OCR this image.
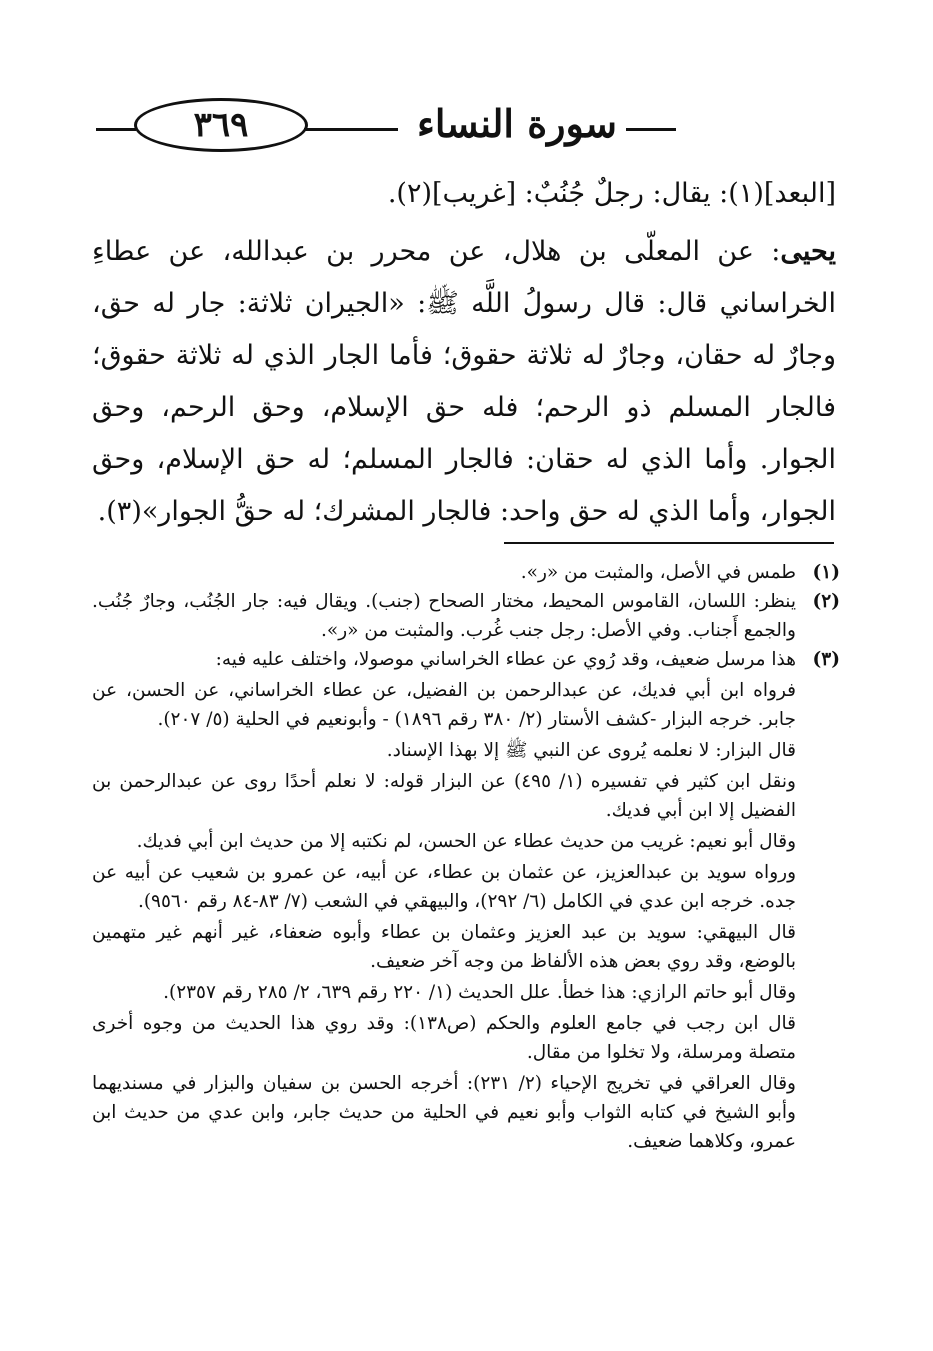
سورة النساء
٣٦٩

[البعد](١): يقال: رجلٌ جُنُبٌ: [غريب](٢).

يحيى: عن المعلّى بن هلال، عن محرر بن عبدالله، عن عطاءِ الخراساني قال: قال رسولُ اللَّه ﷺ: «الجيران ثلاثة: جار له حق، وجارٌ له حقان، وجارٌ له ثلاثة حقوق؛ فأما الجار الذي له ثلاثة حقوق؛ فالجار المسلم ذو الرحم؛ فله حق الإسلام، وحق الرحم، وحق الجوار. وأما الذي له حقان: فالجار المسلم؛ له حق الإسلام، وحق الجوار، وأما الذي له حق واحد: فالجار المشرك؛ له حقُّ الجوار»(٣).

(١)

طمس في الأصل، والمثبت من «ر».

(٢)

ينظر: اللسان، القاموس المحيط، مختار الصحاح (جنب). ويقال فيه: جار الجُنُب، وجارٌ جُنُب. والجمع أَجناب. وفي الأصل: رجل جنب غُرب. والمثبت من «ر».

(٣)

هذا مرسل ضعيف، وقد رُوي عن عطاء الخراساني موصولا، واختلف عليه فيه:

فرواه ابن أبي فديك، عن عبدالرحمن بن الفضيل، عن عطاء الخراساني، عن الحسن، عن جابر. خرجه البزار -كشف الأستار (٢/ ٣٨٠ رقم ١٨٩٦) - وأبونعيم في الحلية (٥/ ٢٠٧).

قال البزار: لا نعلمه يُروى عن النبي ﷺ إلا بهذا الإسناد.

ونقل ابن كثير في تفسيره (١/ ٤٩٥) عن البزار قوله: لا نعلم أحدًا روى عن عبدالرحمن بن الفضيل إلا ابن أبي فديك.

وقال أبو نعيم: غريب من حديث عطاء عن الحسن، لم نكتبه إلا من حديث ابن أبي فديك.

ورواه سويد بن عبدالعزيز، عن عثمان بن عطاء، عن أبيه، عن عمرو بن شعيب عن أبيه عن جده. خرجه ابن عدي في الكامل (٦/ ٢٩٢)، والبيهقي في الشعب (٧/ ٨٣-٨٤ رقم ٩٥٦٠).

قال البيهقي: سويد بن عبد العزيز وعثمان بن عطاء وأبوه ضعفاء، غير أنهم غير متهمين بالوضع، وقد روي بعض هذه الألفاظ من وجه آخر ضعيف.

وقال أبو حاتم الرازي: هذا خطأ. علل الحديث (١/ ٢٢٠ رقم ٦٣٩، ٢/ ٢٨٥ رقم ٢٣٥٧).

قال ابن رجب في جامع العلوم والحكم (ص١٣٨): وقد روي هذا الحديث من وجوه أخرى متصلة ومرسلة، ولا تخلوا من مقال.

وقال العراقي في تخريج الإحياء (٢/ ٢٣١): أخرجه الحسن بن سفيان والبزار في مسنديهما وأبو الشيخ في كتابه الثواب وأبو نعيم في الحلية من حديث جابر، وابن عدي من حديث ابن عمرو، وكلاهما ضعيف.
